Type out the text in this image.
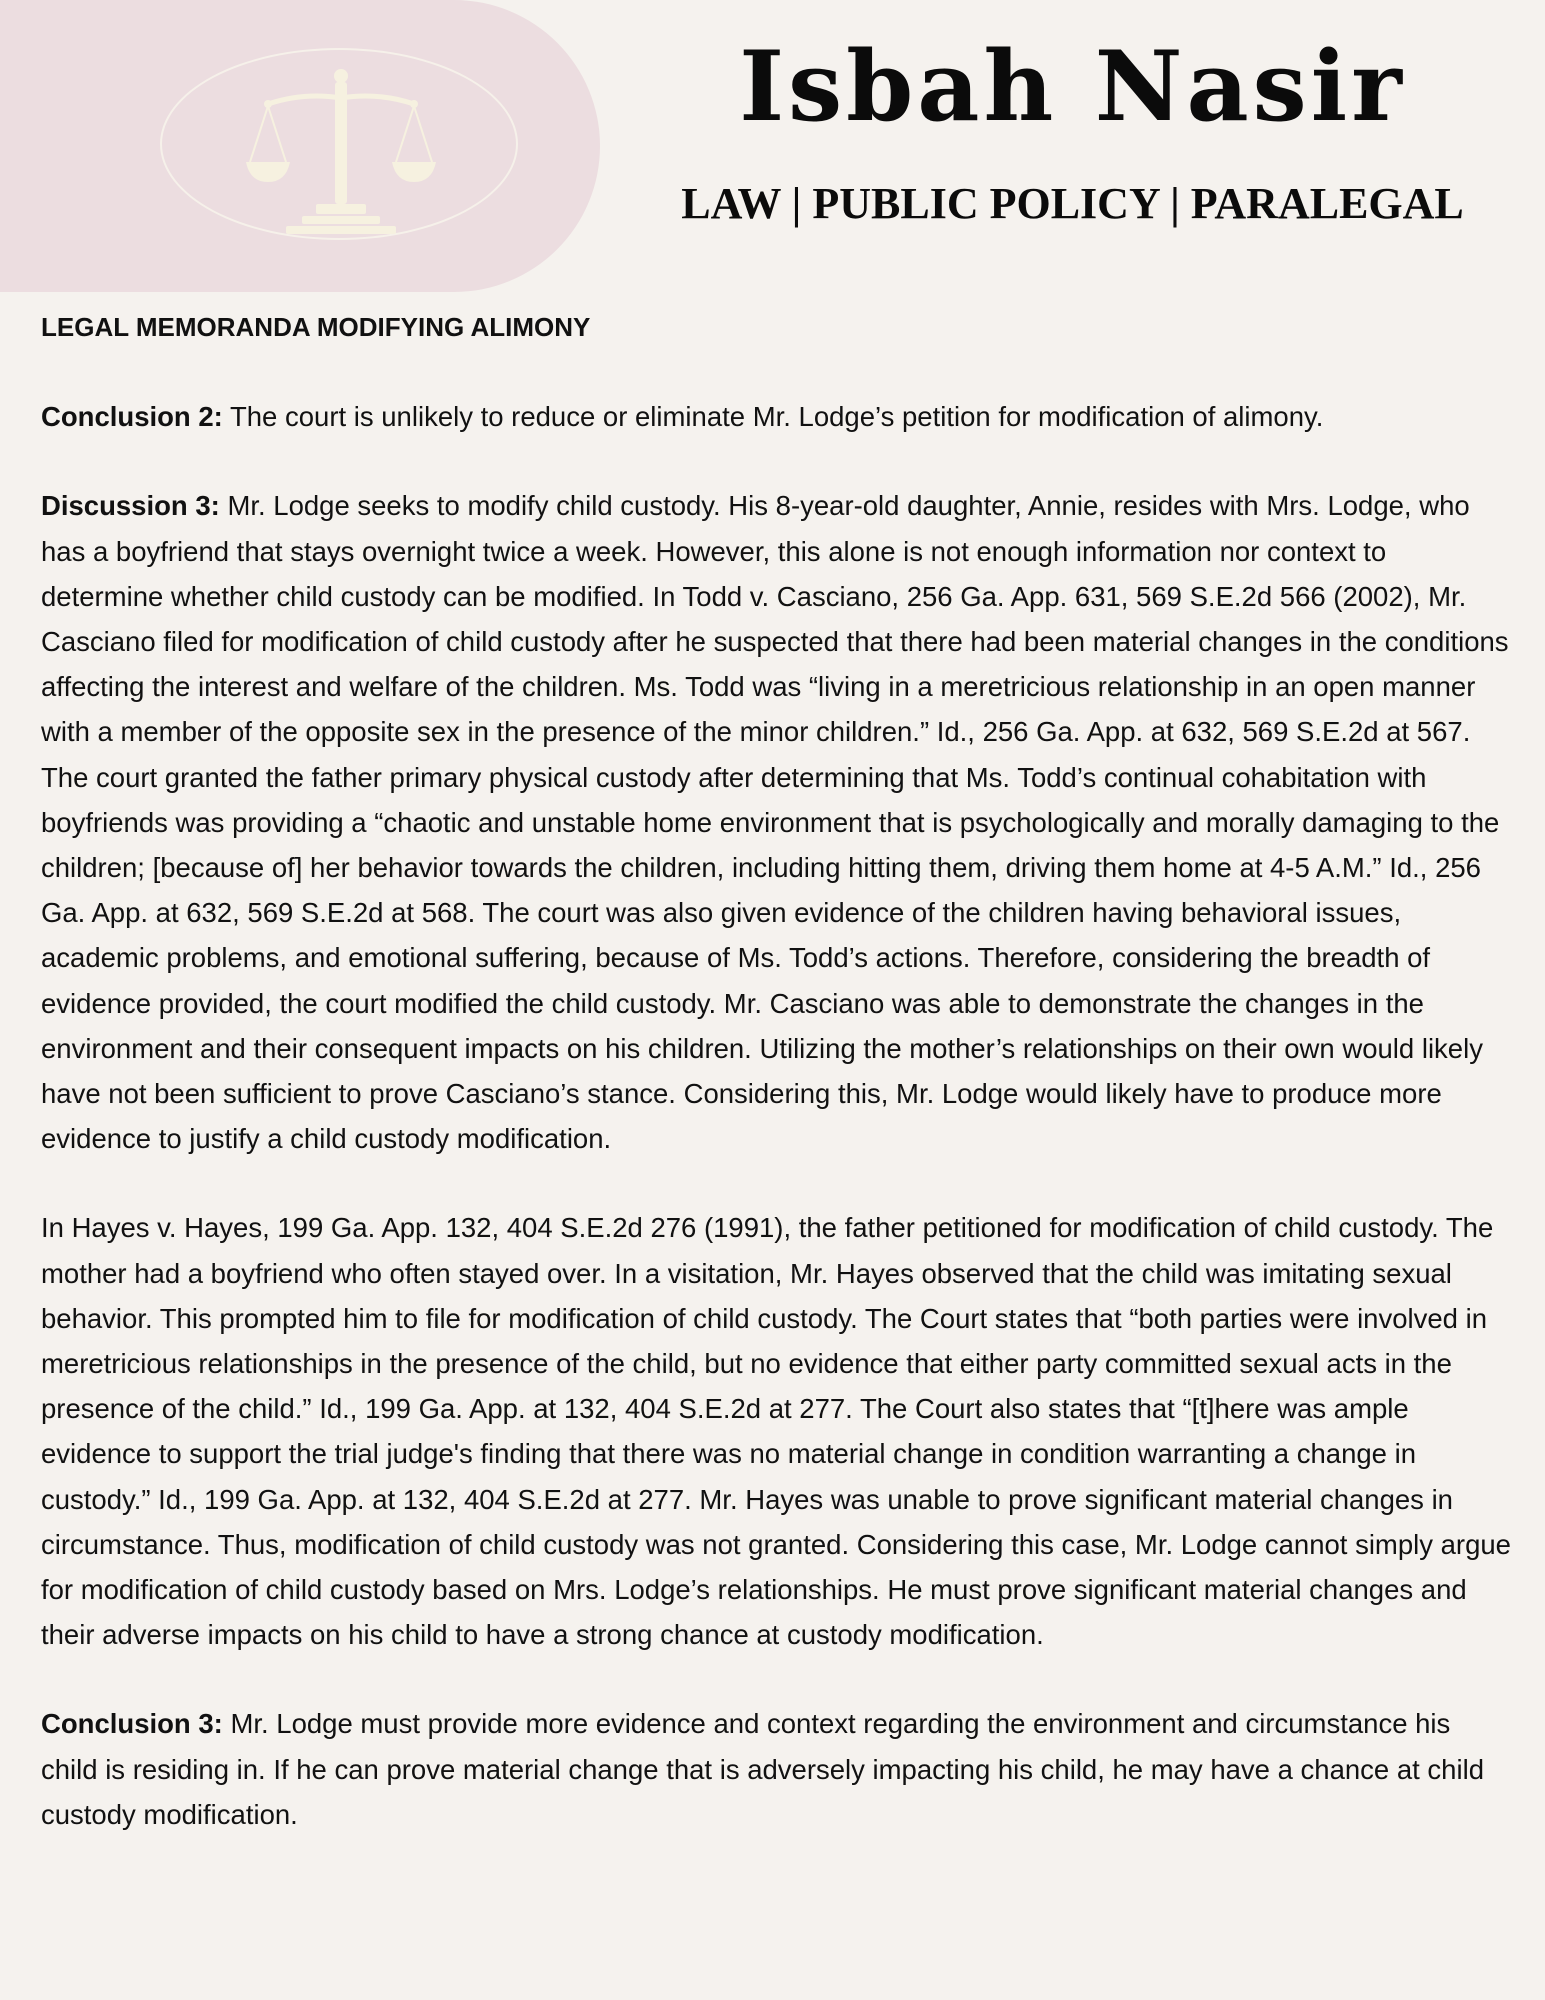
Isbah Nasir
LAW | PUBLIC POLICY | PARALEGAL
LEGAL MEMORANDA MODIFYING ALIMONY

Conclusion 2: The court is unlikely to reduce or eliminate Mr. Lodge’s petition for modification of alimony.

Discussion 3: Mr. Lodge seeks to modify child custody. His 8-year-old daughter, Annie, resides with Mrs. Lodge, who has a boyfriend that stays overnight twice a week. However, this alone is not enough information nor context to determine whether child custody can be modified. In Todd v. Casciano, 256 Ga. App. 631, 569 S.E.2d 566 (2002), Mr. Casciano filed for modification of child custody after he suspected that there had been material changes in the conditions affecting the interest and welfare of the children. Ms. Todd was “living in a meretricious relationship in an open manner with a member of the opposite sex in the presence of the minor children.” Id., 256 Ga. App. at 632, 569 S.E.2d at 567. The court granted the father primary physical custody after determining that Ms. Todd’s continual cohabitation with boyfriends was providing a “chaotic and unstable home environment that is psychologically and morally damaging to the children; [because of] her behavior towards the children, including hitting them, driving them home at 4-5 A.M.” Id., 256 Ga. App. at 632, 569 S.E.2d at 568. The court was also given evidence of the children having behavioral issues, academic problems, and emotional suffering, because of Ms. Todd’s actions. Therefore, considering the breadth of evidence provided, the court modified the child custody. Mr. Casciano was able to demonstrate the changes in the environment and their consequent impacts on his children. Utilizing the mother’s relationships on their own would likely have not been sufficient to prove Casciano’s stance. Considering this, Mr. Lodge would likely have to produce more evidence to justify a child custody modification.

In Hayes v. Hayes, 199 Ga. App. 132, 404 S.E.2d 276 (1991), the father petitioned for modification of child custody. The mother had a boyfriend who often stayed over. In a visitation, Mr. Hayes observed that the child was imitating sexual behavior. This prompted him to file for modification of child custody. The Court states that “both parties were involved in meretricious relationships in the presence of the child, but no evidence that either party committed sexual acts in the presence of the child.” Id., 199 Ga. App. at 132, 404 S.E.2d at 277. The Court also states that “[t]here was ample evidence to support the trial judge's finding that there was no material change in condition warranting a change in custody.” Id., 199 Ga. App. at 132, 404 S.E.2d at 277. Mr. Hayes was unable to prove significant material changes in circumstance. Thus, modification of child custody was not granted. Considering this case, Mr. Lodge cannot simply argue for modification of child custody based on Mrs. Lodge’s relationships. He must prove significant material changes and their adverse impacts on his child to have a strong chance at custody modification.

Conclusion 3: Mr. Lodge must provide more evidence and context regarding the environment and circumstance his child is residing in. If he can prove material change that is adversely impacting his child, he may have a chance at child custody modification.
